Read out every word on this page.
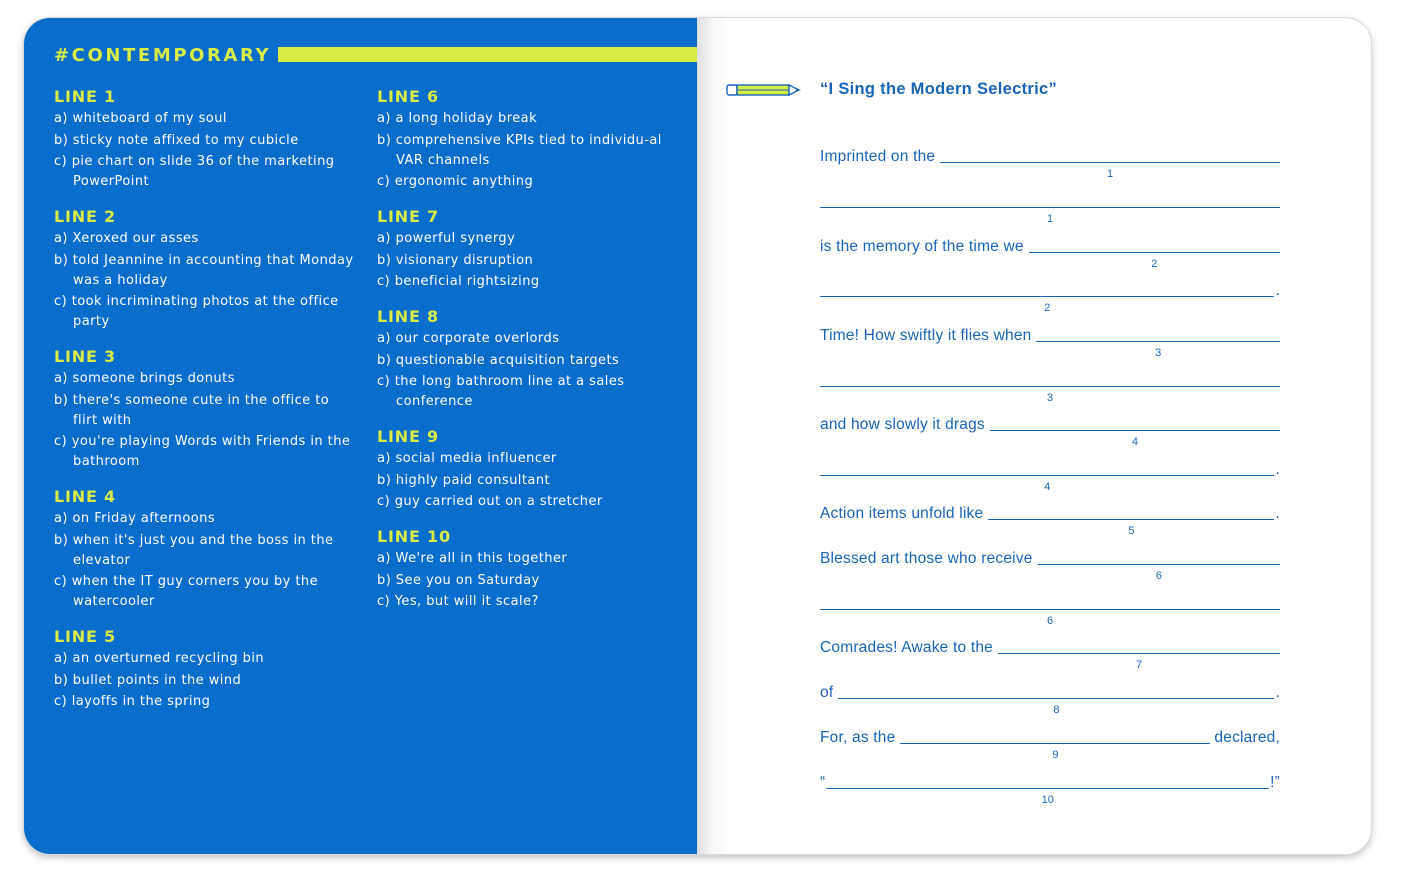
#CONTEMPORARY
LINE 1
a) whiteboard of my soul
b) sticky note affixed to my cubicle
c) pie chart on slide 36 of the marketing PowerPoint
LINE 2
a) Xeroxed our asses
b) told Jeannine in accounting that Monday was a holiday
c) took incriminating photos at the office party
LINE 3
a) someone brings donuts
b) there's someone cute in the office to flirt with
c) you're playing Words with Friends in the bathroom
LINE 4
a) on Friday afternoons
b) when it's just you and the boss in the elevator
c) when the IT guy corners you by the watercooler
LINE 5
a) an overturned recycling bin
b) bullet points in the wind
c) layoffs in the spring
LINE 6
a) a long holiday break
b) comprehensive KPIs tied to individu-al VAR channels
c) ergonomic anything
LINE 7
a) powerful synergy
b) visionary disruption
c) beneficial rightsizing
LINE 8
a) our corporate overlords
b) questionable acquisition targets
c) the long bathroom line at a sales conference
LINE 9
a) social media influencer
b) highly paid consultant
c) guy carried out on a stretcher
LINE 10
a) We're all in this together
b) See you on Saturday
c) Yes, but will it scale?
“I Sing the Modern Selectric”
Imprinted on the
1
1
is the memory of the time we
2
2
.
Time! How swiftly it flies when
3
3
and how slowly it drags
4
4
.
Action items unfold like
5
.
Blessed art those who receive
6
6
Comrades! Awake to the
7
of
8
.
For, as the
9
declared,
“
10
!”
